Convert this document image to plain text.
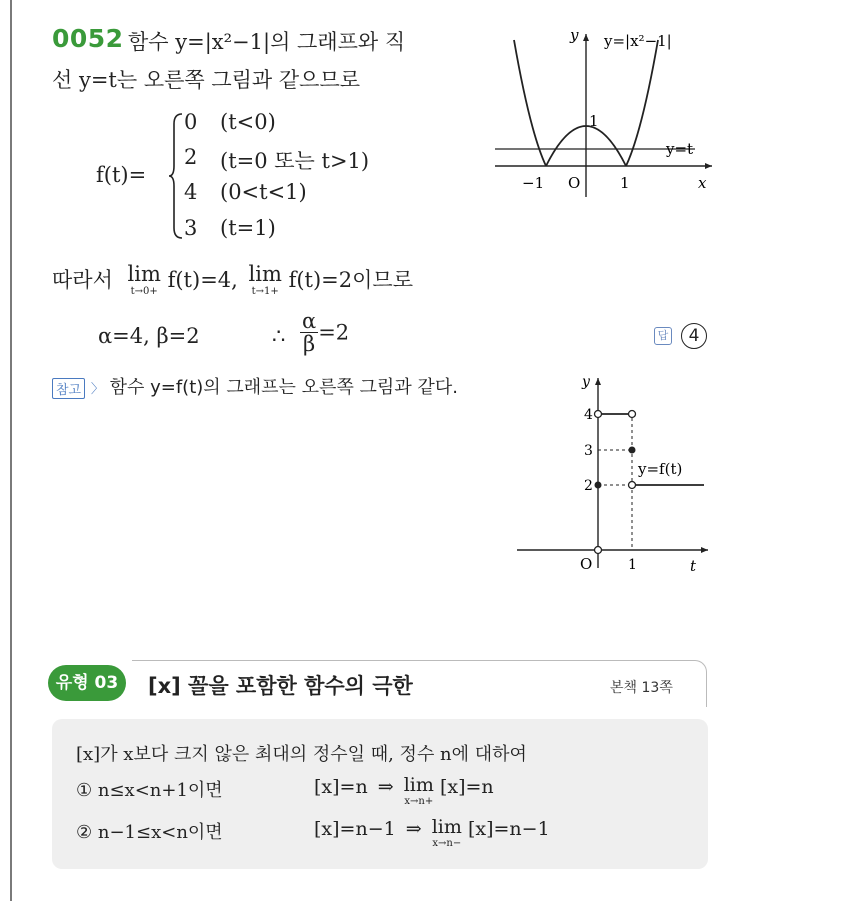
0052 함수 y=|x²−1|의 그래프와 직
선 y=t는 오른쪽 그림과 같으므로
f(t)=
0 (t<0)
2 (t=0 또는 t>1)
4 (0<t<1)
3 (t=1)
y y=|x²−1|
1
y=t
−1 O	1	x
따라서 lim
t→0+ f(t)=4, lim
t→1+ f(t)=2이므로
α=4, β=2	∴ $\frac{\alpha}{\beta} =2$	답 4
참고 〉 함수 y=f(t)의 그래프는 오른쪽 그림과 같다.	y
4
3
2
y=f(t)
O	1	t
유형 03	[x] 꼴을 포함한 함수의 극한	본책 13쪽
[x]가 x보다 크지 않은 최대의 정수일 때, 정수 n에 대하여
① n≤x<n+1이면	[x]=n ⇒ lim
x→n+
[x]=n
② n−1≤x<n이면	[x]=n−1 ⇒ lim
x→n−
[x]=n−1
